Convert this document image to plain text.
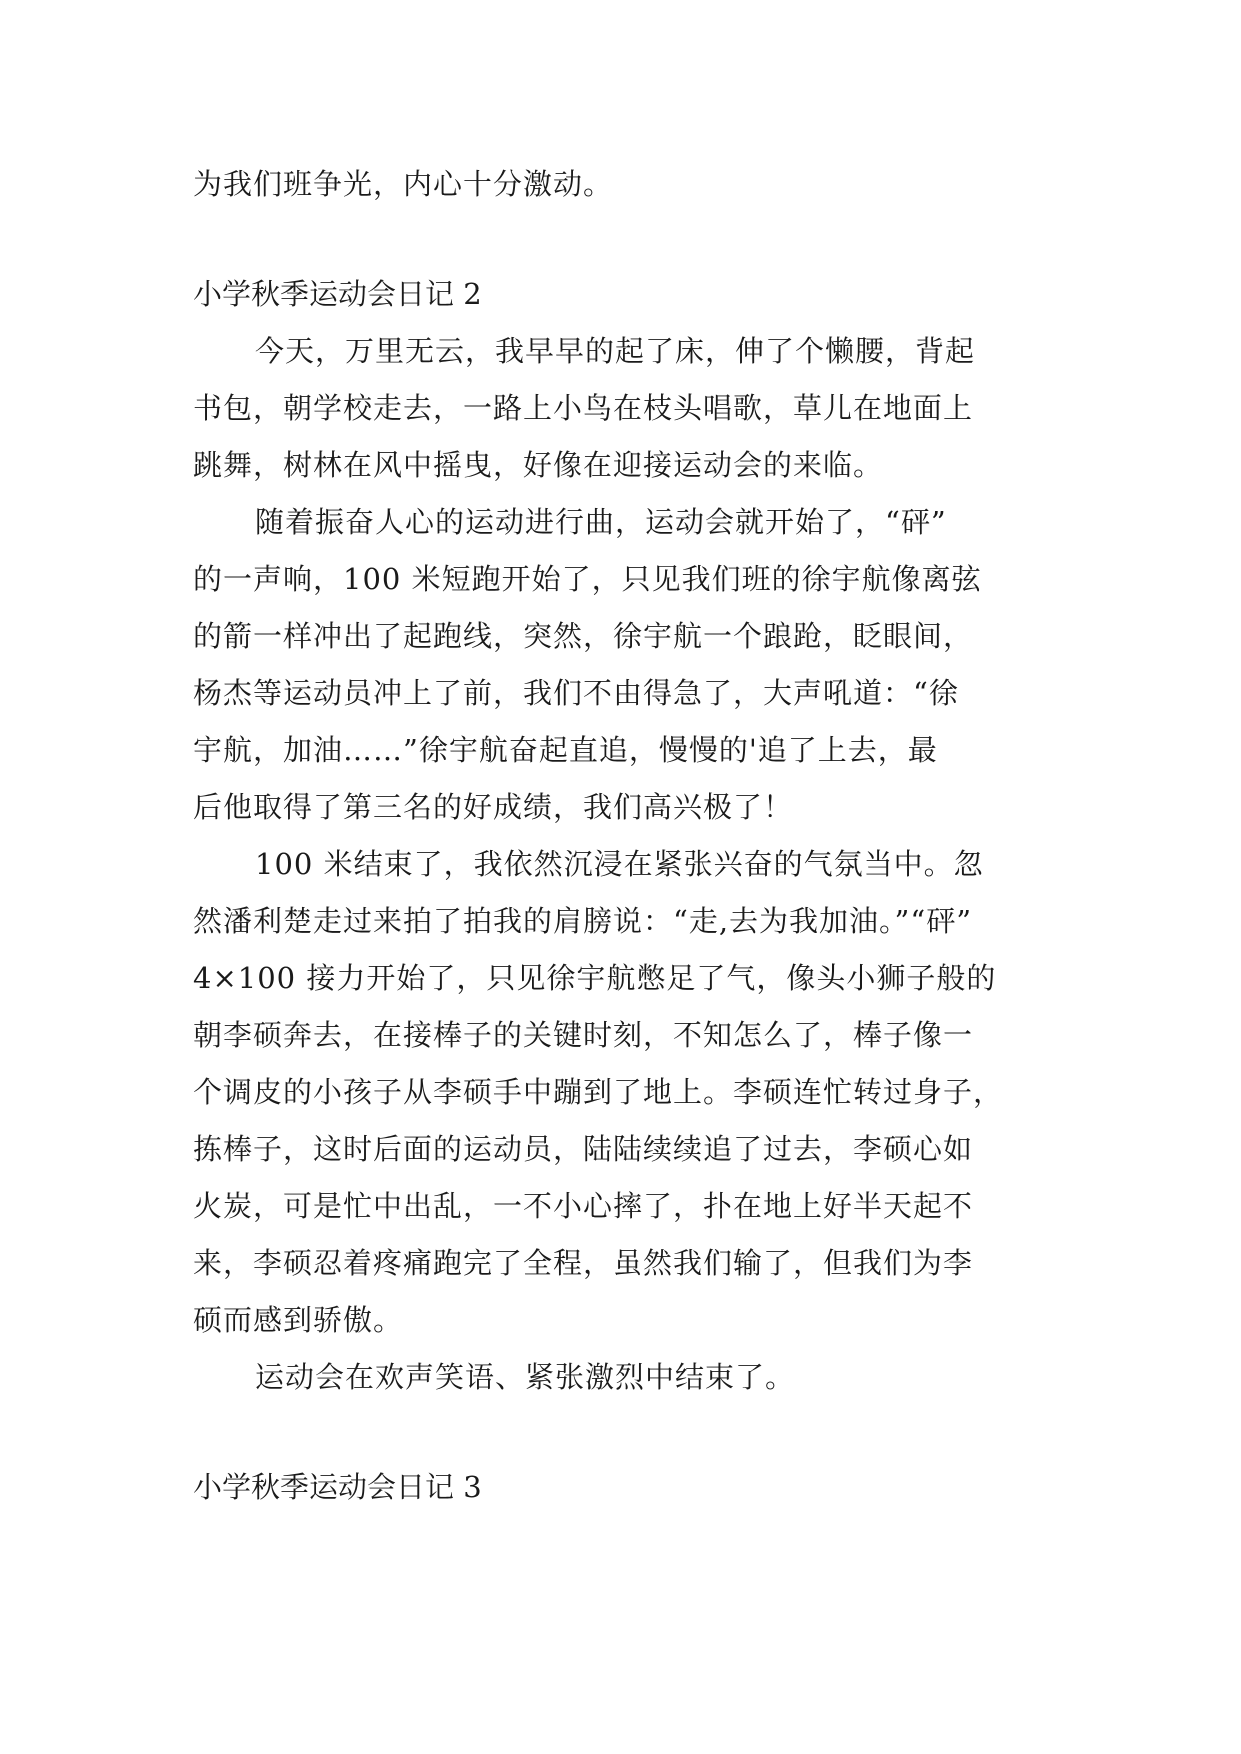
为我们班争光，内心十分激动。
小学秋季运动会日记 2
今天，万里无云，我早早的起了床，伸了个懒腰，背起
书包，朝学校走去，一路上小鸟在枝头唱歌，草儿在地面上
跳舞，树林在风中摇曳，好像在迎接运动会的来临。
随着振奋人心的运动进行曲，运动会就开始了，“砰”
的一声响，100 米短跑开始了，只见我们班的徐宇航像离弦
的箭一样冲出了起跑线，突然，徐宇航一个踉跄，眨眼间，
杨杰等运动员冲上了前，我们不由得急了，大声吼道：“徐
宇航，加油……”徐宇航奋起直追，慢慢的'追了上去，最
后他取得了第三名的好成绩，我们高兴极了！
100 米结束了，我依然沉浸在紧张兴奋的气氛当中。忽
然潘利楚走过来拍了拍我的肩膀说：“走,去为我加油。”“砰”
4×100 接力开始了，只见徐宇航憋足了气，像头小狮子般的
朝李硕奔去，在接棒子的关键时刻，不知怎么了，棒子像一
个调皮的小孩子从李硕手中蹦到了地上。李硕连忙转过身子，
拣棒子，这时后面的运动员，陆陆续续追了过去，李硕心如
火炭，可是忙中出乱，一不小心摔了，扑在地上好半天起不
来，李硕忍着疼痛跑完了全程，虽然我们输了，但我们为李
硕而感到骄傲。
运动会在欢声笑语、紧张激烈中结束了。
小学秋季运动会日记 3
